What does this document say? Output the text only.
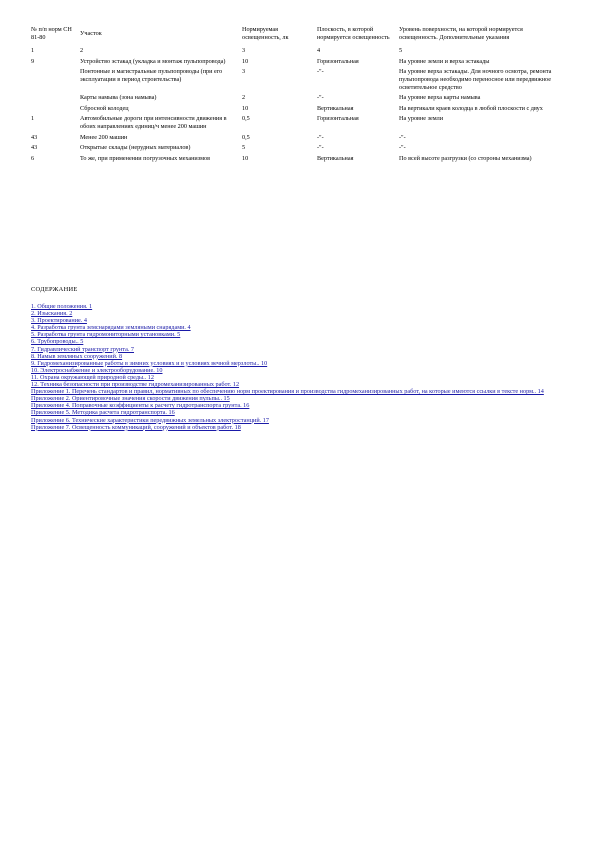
№ п/п норм СН 81-80	Участок	Нормируемая освещенность, лк	Плоскость, в которой нормируется освещенность	Уровень поверхности, на которой нормируется освещенность. Дополнительные указания
1	2	3	4	5
9	Устройство эстакад (укладка и монтаж пульпопровода)	10	Горизонтальная	На уровне земли и верха эстакады
	Понтонные и магистральные пульпопроводы (при его эксплуатации в период строительства)	3	-"-	На уровне верха эстакады. Для ночного осмотра, ремонта пульпопровода необходимо переносное или передвижное осветительное средство
	Карты намыва (зона намыва)	2	-"-	На уровне верха карты намыва
	Сбросной колодец	10	Вертикальная	На вертикали краев колодца в любой плоскости с двух
1	Автомобильные дороги при интенсивности движения в обоих направлениях единиц/ч менее 200 машин	0,5	Горизонтальная	На уровне земли
43	Менее 200 машин	0,5	-"-	-"-
43	Открытые склады (нерудных материалов)	5	-"-	-"-
6	То же, при применении погрузочных механизмов	10	Вертикальная	По всей высоте разгрузки (со стороны механизма)
СОДЕРЖАНИЕ
1. Общие положения. 1
2. Изыскания. 2
3. Проектирование. 4
4. Разработка грунта земснарядами земляными снарядами. 4
5. Разработка грунта гидромониторными установками. 5
6. Трубопроводы.. 5
7. Гидравлический транспорт грунта. 7
8. Намыв земляных сооружений. 8
9. Гидромеханизированные работы в зимних условиях и в условиях вечной мерзлоты.. 10
10. Электроснабжение и электрооборудование. 10
11. Охрана окружающей природной среды.. 12
12. Техника безопасности при производстве гидромеханизированных работ. 12
Приложение 1. Перечень стандартов и правил, нормативных по обеспечению норм проектирования и производства гидромеханизированных работ, на которые имеются ссылки в тексте норм.. 14
Приложение 2. Ориентировочные значения скорости движения пульпы.. 15
Приложение 4. Поправочные коэффициенты к расчету гидротранспорта грунта. 16
Приложение 5. Методика расчета гидротранспорта. 16
Приложение 6. Технические характеристики передвижных земельных электростанций. 17
Приложение 7. Освещенность коммуникаций, сооружений и объектов работ. 18
